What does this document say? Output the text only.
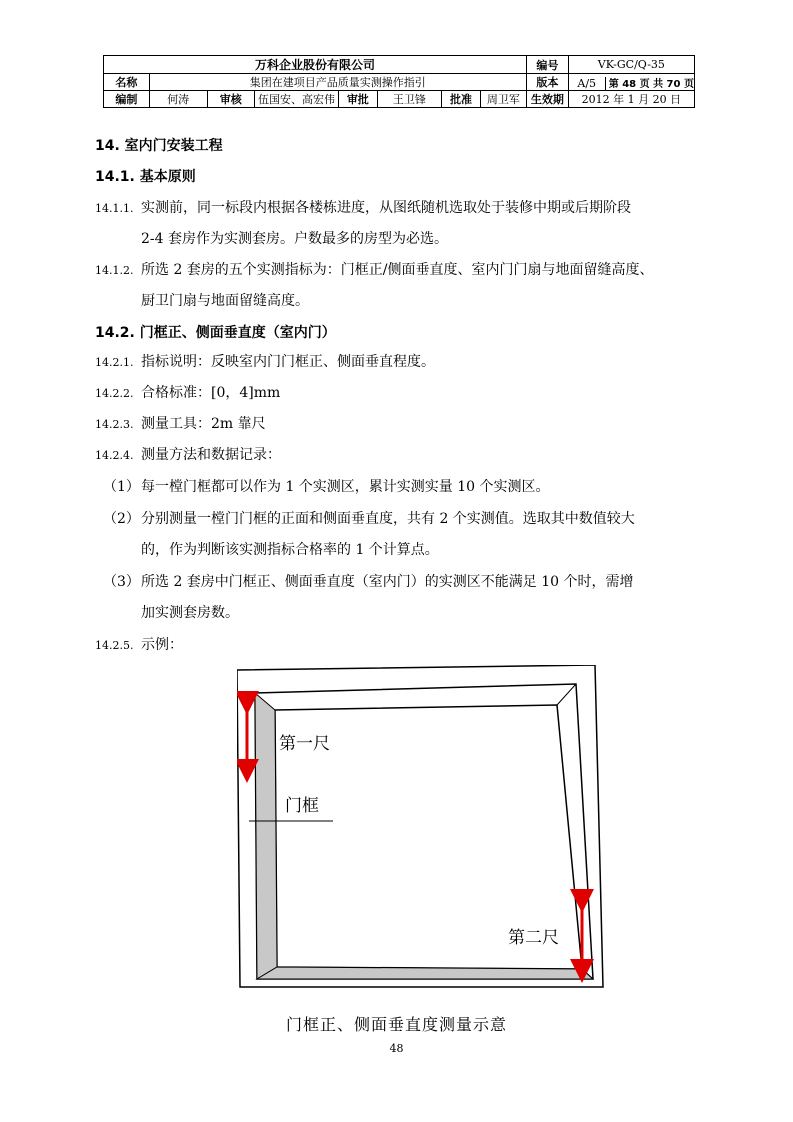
万科企业股份有限公司								编号	VK-GC/Q-35
名称	集团在建项目产品质量实测操作指引							版本	A/5 第 48 页 共 70 页
编制	何涛	审核	伍国安、高宏伟	审批	王卫锋	批准	周卫军	生效期	2012 年 1 月 20 日
14. 室内门安装工程
14.1. 基本原则
14.1.1. 实测前，同一标段内根据各楼栋进度，从图纸随机选取处于装修中期或后期阶段
2-4 套房作为实测套房。户数最多的房型为必选。
14.1.2. 所选 2 套房的五个实测指标为：门框正/侧面垂直度、室内门门扇与地面留缝高度、
厨卫门扇与地面留缝高度。
14.2. 门框正、侧面垂直度（室内门）
14.2.1. 指标说明：反映室内门门框正、侧面垂直程度。
14.2.2. 合格标准：[0，4]mm
14.2.3. 测量工具：2m 靠尺
14.2.4. 测量方法和数据记录：
（1） 每一樘门框都可以作为 1 个实测区，累计实测实量 10 个实测区。
（2） 分别测量一樘门门框的正面和侧面垂直度，共有 2 个实测值。选取其中数值较大
的，作为判断该实测指标合格率的 1 个计算点。
（3） 所选 2 套房中门框正、侧面垂直度（室内门）的实测区不能满足 10 个时，需增
加实测套房数。
14.2.5. 示例：
第一尺
门框
第二尺
门框正、侧面垂直度测量示意
48
